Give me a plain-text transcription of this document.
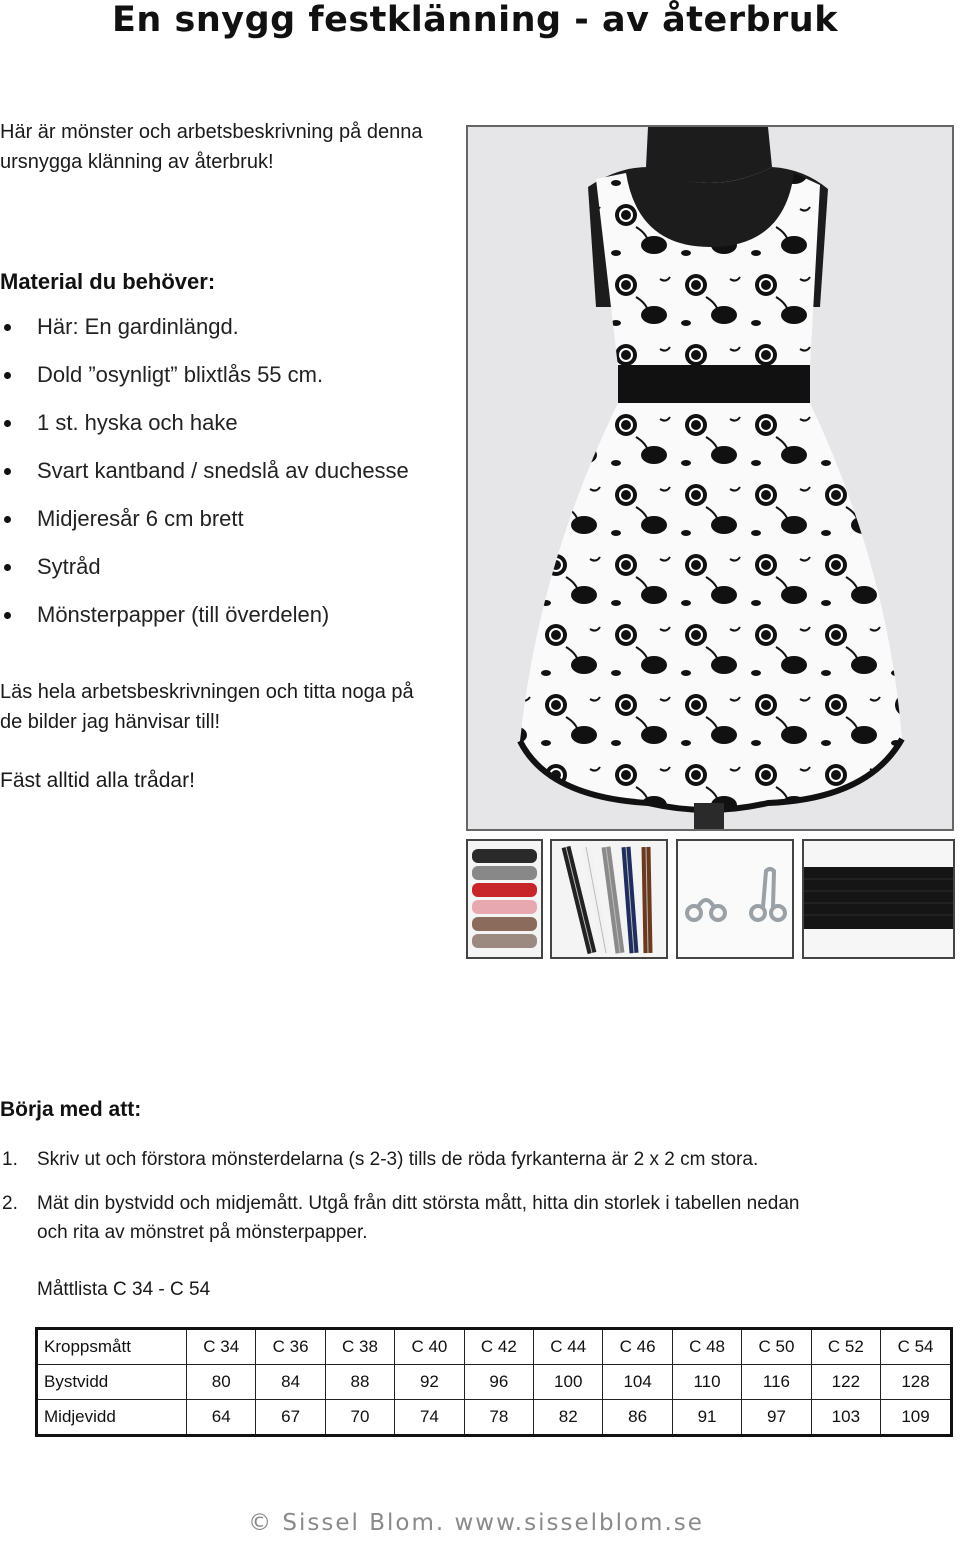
En snygg festklänning - av återbruk
Här är mönster och arbetsbeskrivning på denna
ursnygga klänning av återbruk!
Material du behöver:
Här: En gardinlängd.
Dold ”osynligt” blixtlås 55 cm.
1 st. hyska och hake
Svart kantband / snedslå av duchesse
Midjeresår 6 cm brett
Sytråd
Mönsterpapper (till överdelen)
Läs hela arbetsbeskrivningen och titta noga på
de bilder jag hänvisar till!
Fäst alltid alla trådar!
Börja med att:
1. Skriv ut och förstora mönsterdelarna (s 2-3) tills de röda fyrkanterna är 2 x 2 cm stora.
2. Mät din bystvidd och midjemått. Utgå från ditt största mått, hitta din storlek i tabellen nedan
och rita av mönstret på mönsterpapper.
Måttlista C 34 - C 54
Kroppsmått	C 34	C 36	C 38	C 40	C 42	C 44	C 46	C 48	C 50	C 52	C 54
Bystvidd	80	84	88	92	96	100	104	110	116	122	128
Midjevidd	64	67	70	74	78	82	86	91	97	103	109
© Sissel Blom. www.sisselblom.se
